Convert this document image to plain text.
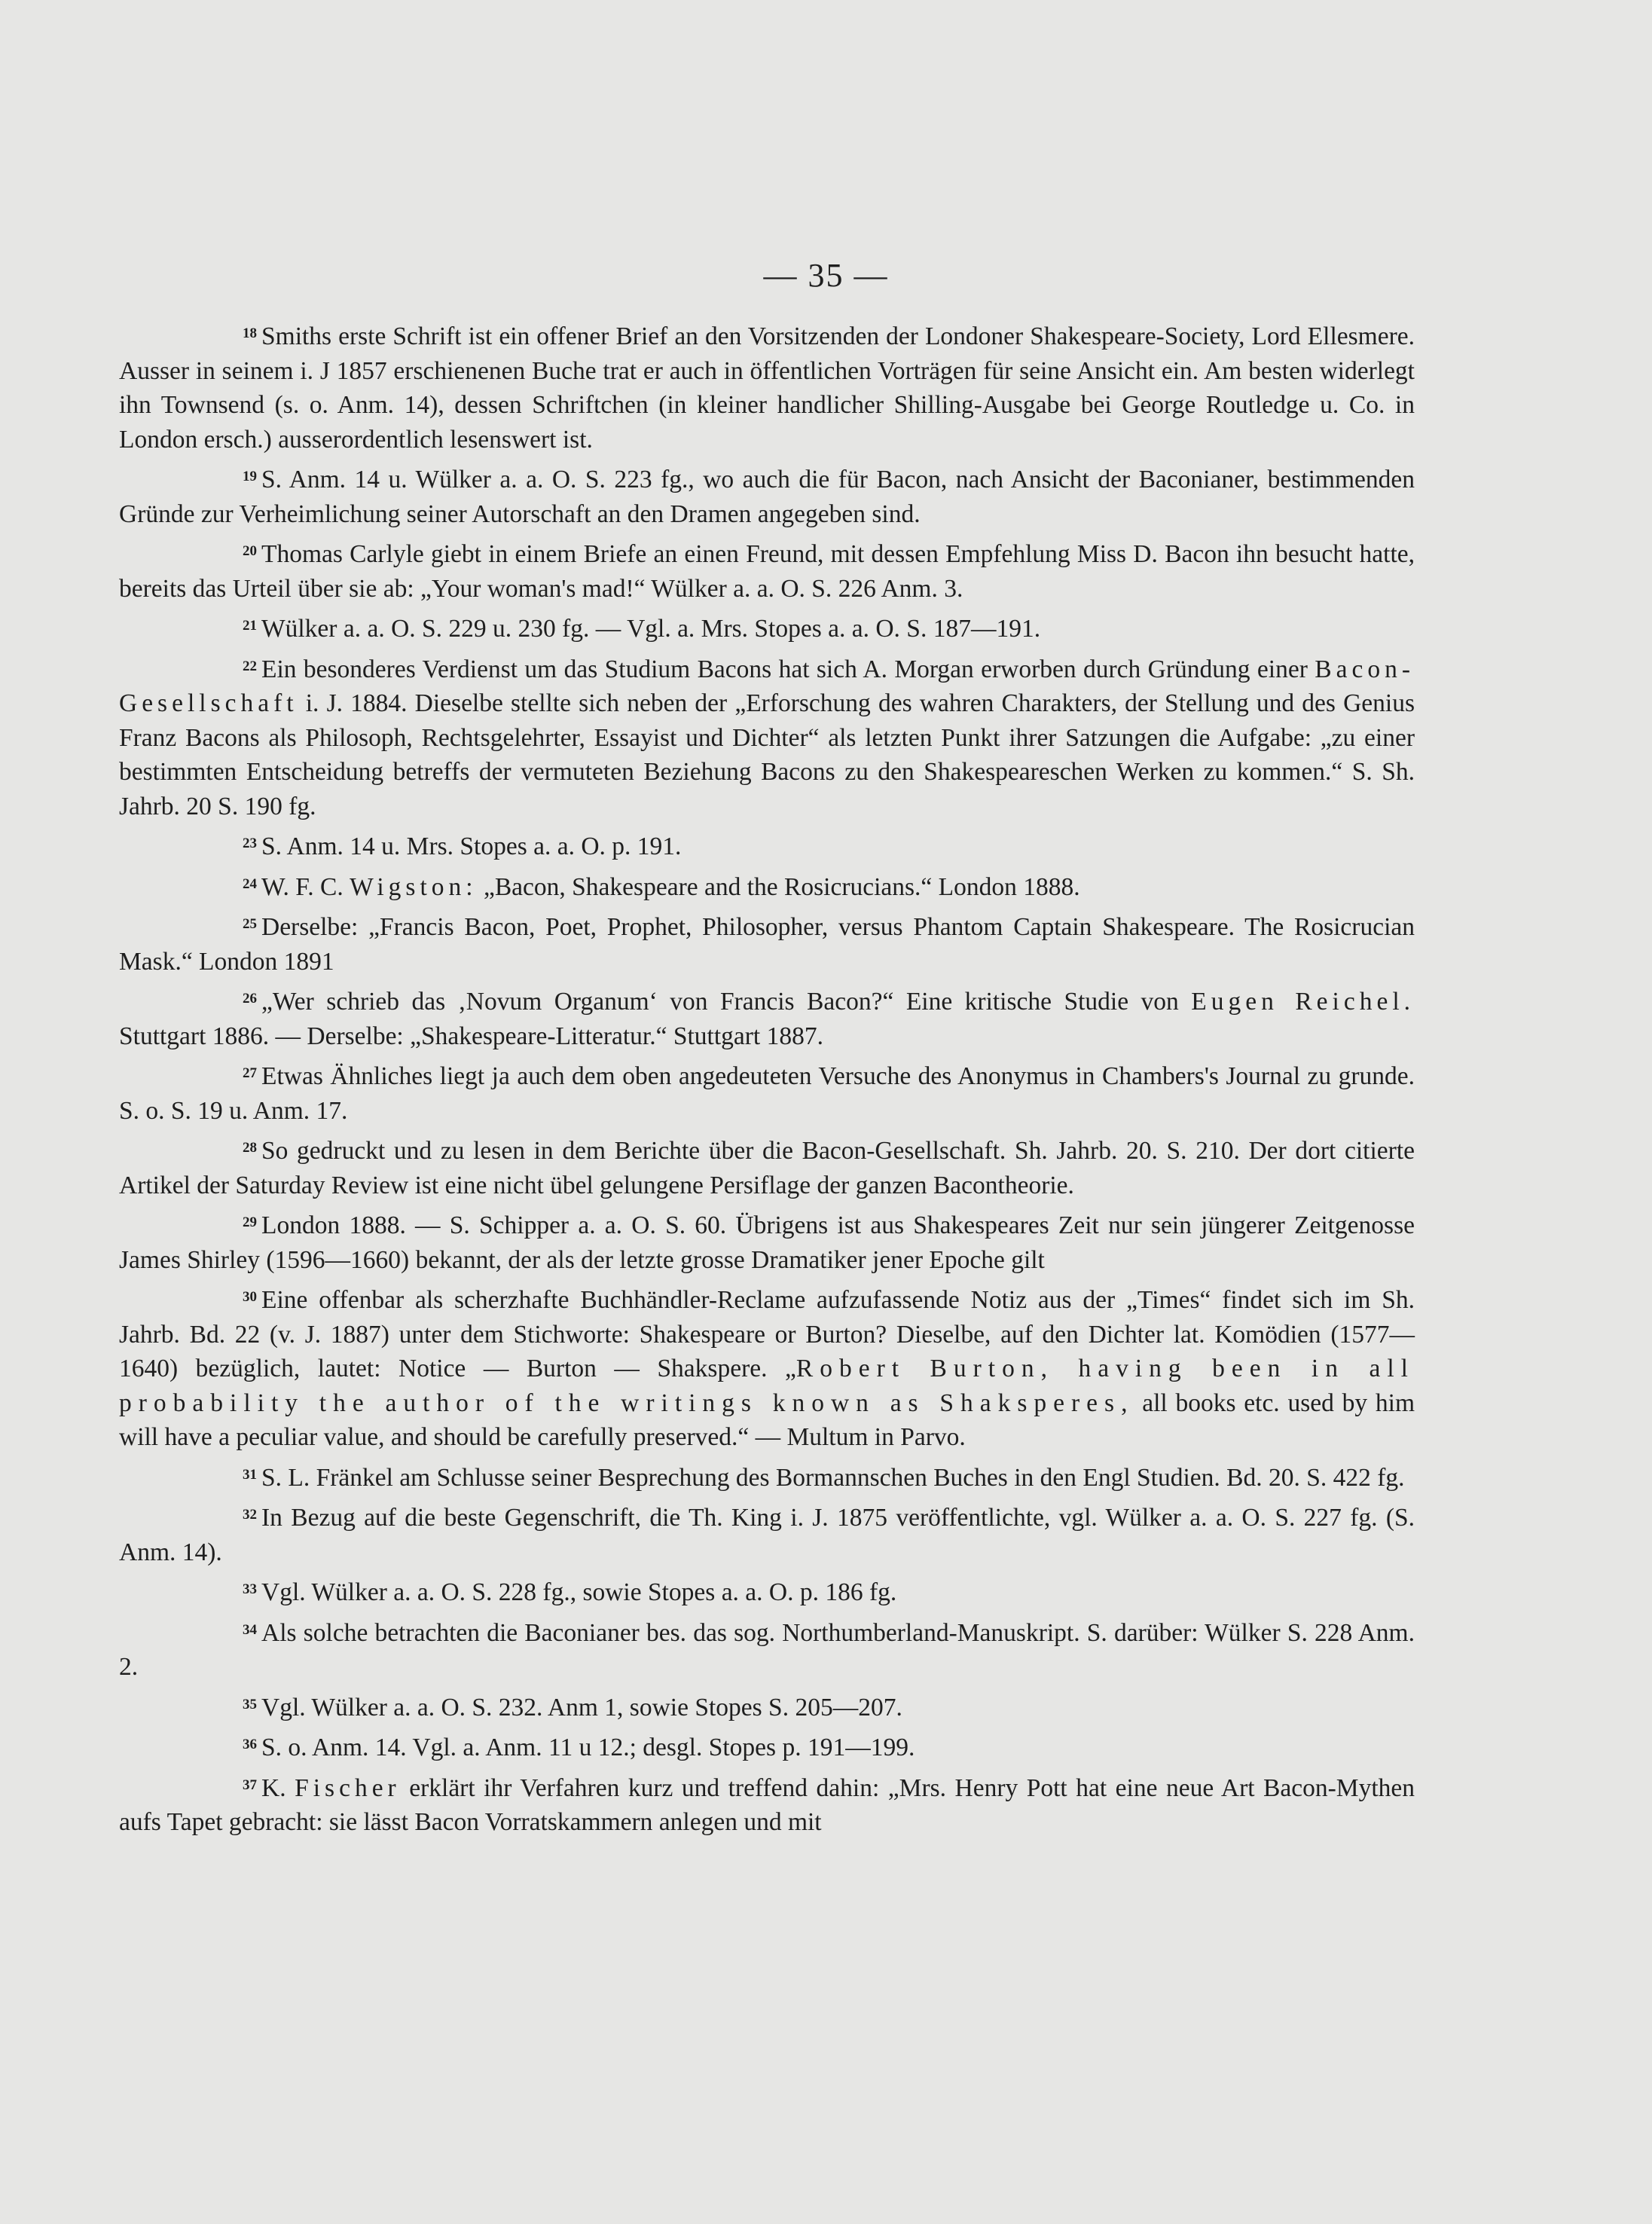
— 35 —

$^{18}$ Smiths erste Schrift ist ein offener Brief an den Vorsitzenden der Londoner Shakespeare-Society, Lord Ellesmere. Ausser in seinem i. J 1857 erschienenen Buche trat er auch in öffentlichen Vorträgen für seine Ansicht ein. Am besten widerlegt ihn Townsend (s. o. Anm. 14), dessen Schriftchen (in kleiner handlicher Shilling-Ausgabe bei George Routledge u. Co. in London ersch.) ausserordentlich lesenswert ist.

$^{19}$ S. Anm. 14 u. Wülker a. a. O. S. 223 fg., wo auch die für Bacon, nach Ansicht der Baconianer, bestimmenden Gründe zur Verheimlichung seiner Autorschaft an den Dramen angegeben sind.

$^{20}$ Thomas Carlyle giebt in einem Briefe an einen Freund, mit dessen Empfehlung Miss D. Bacon ihn besucht hatte, bereits das Urteil über sie ab: „Your woman's mad!“ Wülker a. a. O. S. 226 Anm. 3.

$^{21}$ Wülker a. a. O. S. 229 u. 230 fg. — Vgl. a. Mrs. Stopes a. a. O. S. 187—191.

$^{22}$ Ein besonderes Verdienst um das Studium Bacons hat sich A. Morgan erworben durch Gründung einer Bacon-Gesellschaft i. J. 1884. Dieselbe stellte sich neben der „Erforschung des wahren Charakters, der Stellung und des Genius Franz Bacons als Philosoph, Rechtsgelehrter, Essayist und Dichter“ als letzten Punkt ihrer Satzungen die Aufgabe: „zu einer bestimmten Entscheidung betreffs der vermuteten Beziehung Bacons zu den Shakespeareschen Werken zu kommen.“ S. Sh. Jahrb. 20 S. 190 fg.

$^{23}$ S. Anm. 14 u. Mrs. Stopes a. a. O. p. 191.

$^{24}$ W. F. C. Wigston: „Bacon, Shakespeare and the Rosicrucians.“ London 1888.

$^{25}$ Derselbe: „Francis Bacon, Poet, Prophet, Philosopher, versus Phantom Captain Shakespeare. The Rosicrucian Mask.“ London 1891

$^{26}$ „Wer schrieb das ‚Novum Organum‘ von Francis Bacon?“ Eine kritische Studie von Eugen Reichel. Stuttgart 1886. — Derselbe: „Shakespeare-Litteratur.“ Stuttgart 1887.

$^{27}$ Etwas Ähnliches liegt ja auch dem oben angedeuteten Versuche des Anonymus in Chambers's Journal zu grunde. S. o. S. 19 u. Anm. 17.

$^{28}$ So gedruckt und zu lesen in dem Berichte über die Bacon-Gesellschaft. Sh. Jahrb. 20. S. 210. Der dort citierte Artikel der Saturday Review ist eine nicht übel gelungene Persiflage der ganzen Bacontheorie.

$^{29}$ London 1888. — S. Schipper a. a. O. S. 60. Übrigens ist aus Shakespeares Zeit nur sein jüngerer Zeitgenosse James Shirley (1596—1660) bekannt, der als der letzte grosse Dramatiker jener Epoche gilt

$^{30}$ Eine offenbar als scherzhafte Buchhändler-Reclame aufzufassende Notiz aus der „Times“ findet sich im Sh. Jahrb. Bd. 22 (v. J. 1887) unter dem Stichworte: Shakespeare or Burton? Dieselbe, auf den Dichter lat. Komödien (1577—1640) bezüglich, lautet: Notice — Burton — Shakspere. „Robert Burton, having been in all probability the author of the writings known as Shaksperes, all books etc. used by him will have a peculiar value, and should be carefully preserved.“ — Multum in Parvo.

$^{31}$ S. L. Fränkel am Schlusse seiner Besprechung des Bormannschen Buches in den Engl Studien. Bd. 20. S. 422 fg.

$^{32}$ In Bezug auf die beste Gegenschrift, die Th. King i. J. 1875 veröffentlichte, vgl. Wülker a. a. O. S. 227 fg. (S. Anm. 14).

$^{33}$ Vgl. Wülker a. a. O. S. 228 fg., sowie Stopes a. a. O. p. 186 fg.

$^{34}$ Als solche betrachten die Baconianer bes. das sog. Northumberland-Manuskript. S. darüber: Wülker S. 228 Anm. 2.

$^{35}$ Vgl. Wülker a. a. O. S. 232. Anm 1, sowie Stopes S. 205—207.

$^{36}$ S. o. Anm. 14. Vgl. a. Anm. 11 u 12.; desgl. Stopes p. 191—199.

$^{37}$ K. Fischer erklärt ihr Verfahren kurz und treffend dahin: „Mrs. Henry Pott hat eine neue Art Bacon-Mythen aufs Tapet gebracht: sie lässt Bacon Vorratskammern anlegen und mit
